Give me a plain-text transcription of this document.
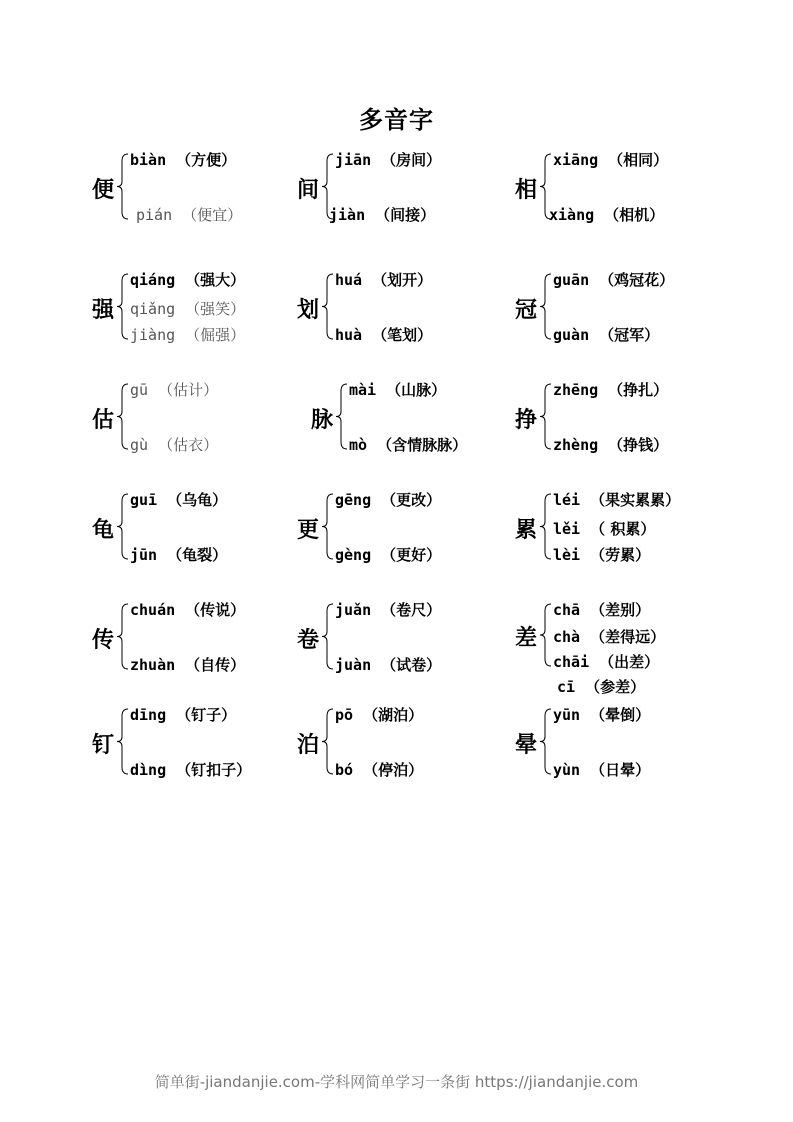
多音字
便
biàn （方便）
pián （便宜）
间
jiān （房间）
jiàn （间接）
相
xiāng （相同）
xiàng （相机）
强
qiáng （强大）
qiǎng （强笑）
jiàng （倔强）
划
huá （划开）
huà （笔划）
冠
guān （鸡冠花）
guàn （冠军）
估
gū （估计）
gù （估衣）
脉
mài （山脉）
mò （含情脉脉）
挣
zhēng （挣扎）
zhèng （挣钱）
龟
guī （乌龟）
jūn （龟裂）
更
gēng （更改）
gèng （更好）
累
léi （果实累累）
lěi （ 积累）
lèi （劳累）
传
chuán （传说）
zhuàn （自传）
卷
juǎn （卷尺）
juàn （试卷）
差
chā （差别）
chà （差得远）
chāi （出差）
cī （参差）
钉
dīng （钉子）
dìng （钉扣子）
泊
pō （湖泊）
bó （停泊）
晕
yūn （晕倒）
yùn （日晕）
简单街-jiandanjie.com-学科网简单学习一条街 https://jiandanjie.com
